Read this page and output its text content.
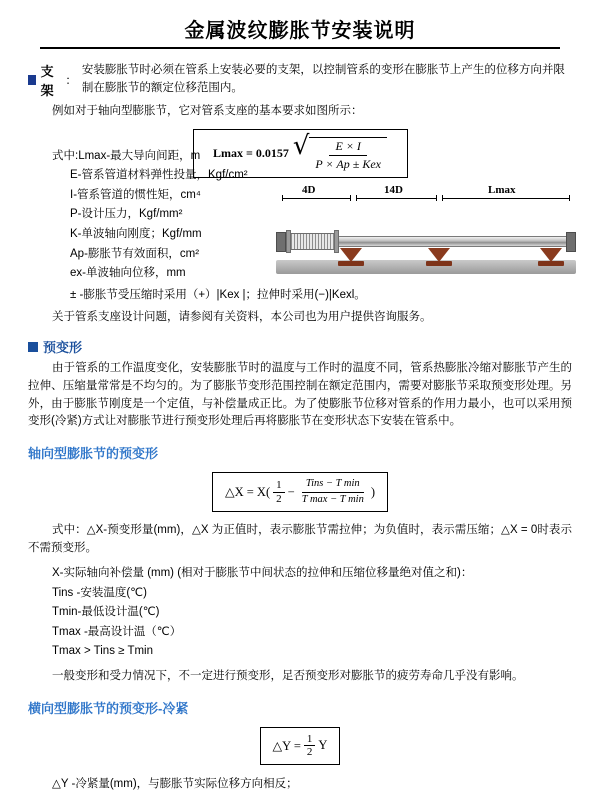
金属波纹膨胀节安装说明
支架
：
安装膨胀节时必须在管系上安装必要的支架，以控制管系的变形在膨胀节上产生的位移方向并限制在膨胀节的额定位移范围内。

例如对于轴向型膨胀节，它对管系支座的基本要求如图所示：

Lmax = 0.0157 √ $\frac{E \times I}{\text{P × Ap ± Kex}}$
4D	14D	Lmax
式中:Lmax-最大导向间距，m
E-管系管道材料弹性投量，Kgf/cm²
I-管系管道的惯性矩，cm⁴
P-设计压力，Kgf/mm²
K-单波轴向刚度；Kgf/mm
Ap-膨胀节有效面积，cm²
ex-单波轴向位移，mm
± -膨胀节受压缩时采用（+）|Kex |；拉伸时采用(−)|Kexl。

关于管系支座设计问题，请参阅有关资料，本公司也为用户提供咨询服务。

预变形

由于管系的工作温度变化，安装膨胀节时的温度与工作时的温度不同，管系热膨胀冷缩对膨胀节产生的拉伸、压缩量常常是不均匀的。为了膨胀节变形范围控制在额定范围内，需要对膨胀节采取预变形处理。另外，由于膨胀节刚度是一个定值，与补偿量成正比。为了使膨胀节位移对管系的作用力最小，也可以采用预变形(冷紧)方式让对膨胀节进行预变形处理后再将膨胀节在变形状态下安装在管系中。

轴向型膨胀节的预变形
△X = X(
1
2 −
Tins − T min
T max − T min
)

式中：△X-预变形量(mm)，△X 为正值时，表示膨胀节需拉伸；为负值时，表示需压缩；△X = 0时表示不需预变形。

X-实际轴向补偿量 (mm) (相对于膨胀节中间状态的拉伸和压缩位移量绝对值之和)：
Tins -安装温度(℃)
Tmin-最低设计温(℃)
Tmax -最高设计温（℃）
Tmax > Tins ≥ Tmin

一般变形和受力情况下，不一定进行预变形，足否预变形对膨胀节的疲劳寿命几乎没有影响。

横向型膨胀节的预变形-冷紧
△Y = $\frac{1}{2}$ Y
△Y -冷紧量(mm)，与膨胀节实际位移方向相反；
